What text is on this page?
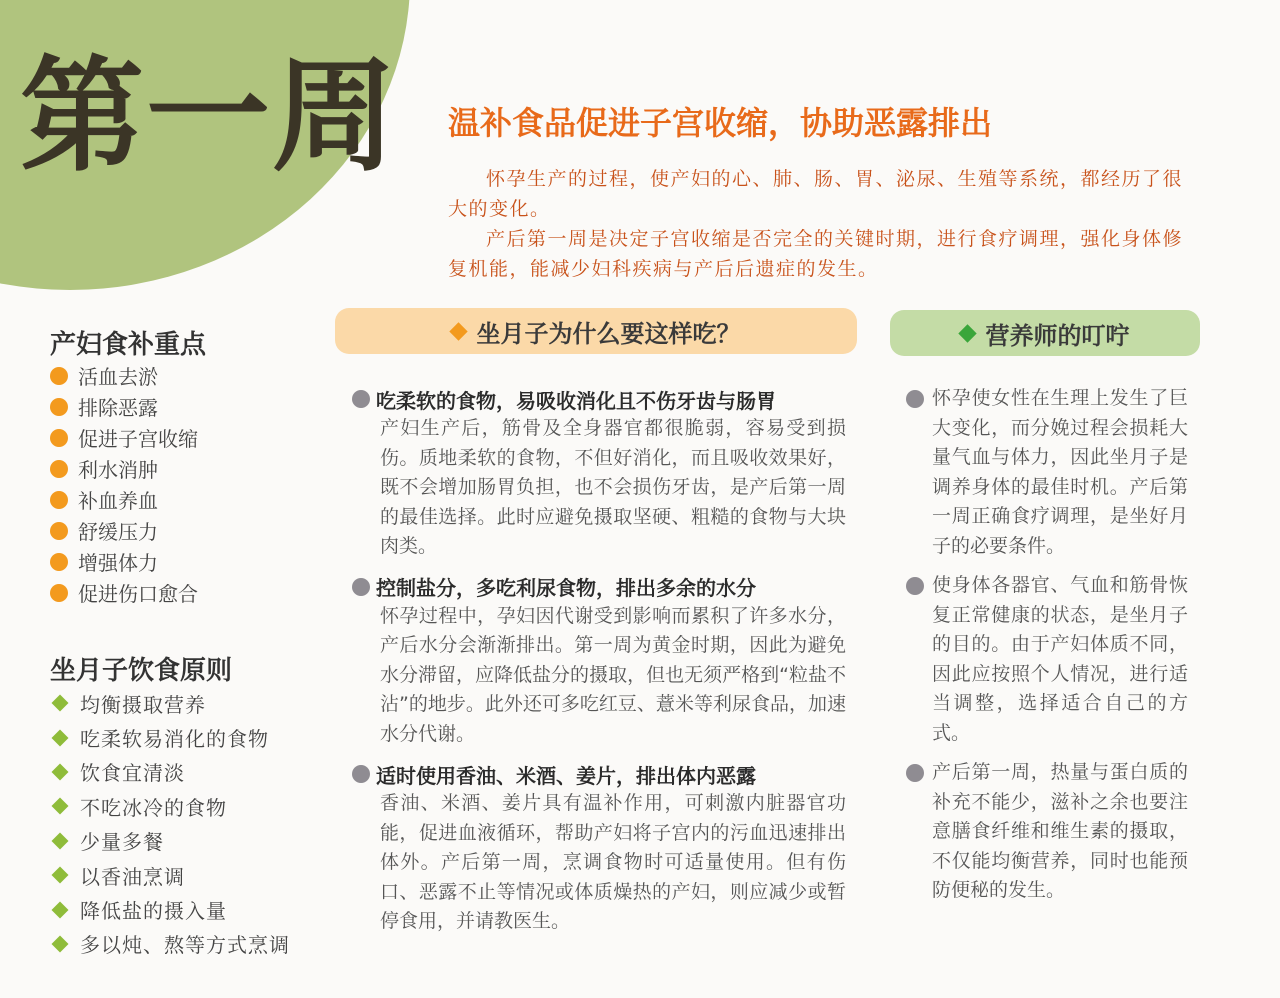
第一周 温补食品促进子宫收缩，协助恶露排出

怀孕生产的过程，使产妇的心、肺、肠、胃、泌尿、生殖等系统，都经历了很大的变化。

产后第一周是决定子宫收缩是否完全的关键时期，进行食疗调理，强化身体修复机能，能减少妇科疾病与产后后遗症的发生。

产妇食补重点
活血去淤
排除恶露
促进子宫收缩
利水消肿
补血养血
舒缓压力
增强体力
促进伤口愈合
坐月子饮食原则
均衡摄取营养
吃柔软易消化的食物
饮食宜清淡
不吃冰冷的食物
少量多餐
以香油烹调
降低盐的摄入量
多以炖、熬等方式烹调
坐月子为什么要这样吃？	营养师的叮咛
吃柔软的食物，易吸收消化且不伤牙齿与肠胃

产妇生产后，筋骨及全身器官都很脆弱，容易受到损伤。质地柔软的食物，不但好消化，而且吸收效果好，既不会增加肠胃负担，也不会损伤牙齿，是产后第一周的最佳选择。此时应避免摄取坚硬、粗糙的食物与大块肉类。

控制盐分，多吃利尿食物，排出多余的水分

怀孕过程中，孕妇因代谢受到影响而累积了许多水分，产后水分会渐渐排出。第一周为黄金时期，因此为避免水分滞留，应降低盐分的摄取，但也无须严格到“粒盐不沾”的地步。此外还可多吃红豆、薏米等利尿食品，加速水分代谢。

适时使用香油、米酒、姜片，排出体内恶露

香油、米酒、姜片具有温补作用，可刺激内脏器官功能，促进血液循环，帮助产妇将子宫内的污血迅速排出体外。产后第一周，烹调食物时可适量使用。但有伤口、恶露不止等情况或体质燥热的产妇，则应减少或暂停食用，并请教医生。

怀孕使女性在生理上发生了巨大变化，而分娩过程会损耗大量气血与体力，因此坐月子是调养身体的最佳时机。产后第一周正确食疗调理，是坐好月子的必要条件。

使身体各器官、气血和筋骨恢复正常健康的状态，是坐月子的目的。由于产妇体质不同，因此应按照个人情况，进行适当调整，选择适合自己的方式。

产后第一周，热量与蛋白质的补充不能少，滋补之余也要注意膳食纤维和维生素的摄取，不仅能均衡营养，同时也能预防便秘的发生。
